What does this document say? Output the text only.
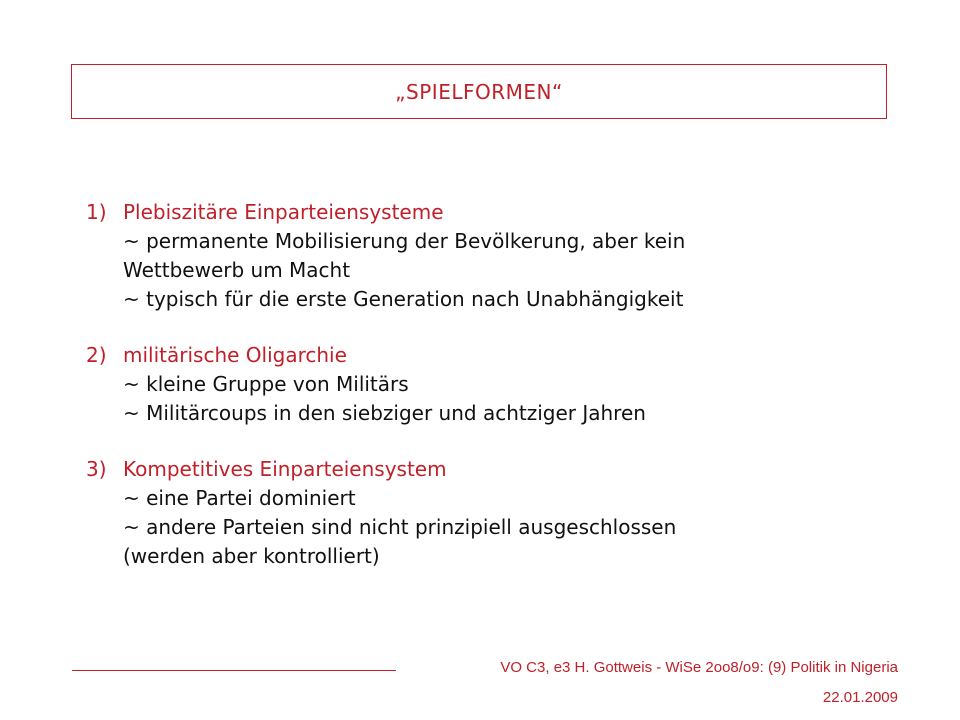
„SPIELFORMEN“
1) Plebiszitäre Einparteiensysteme
~ permanente Mobilisierung der Bevölkerung, aber kein
Wettbewerb um Macht
~ typisch für die erste Generation nach Unabhängigkeit
2) militärische Oligarchie
~ kleine Gruppe von Militärs
~ Militärcoups in den siebziger und achtziger Jahren
3) Kompetitives Einparteiensystem
~ eine Partei dominiert
~ andere Parteien sind nicht prinzipiell ausgeschlossen
(werden aber kontrolliert)
VO C3, e3 H. Gottweis - WiSe 2oo8/o9: (9) Politik in Nigeria
22.01.2009
